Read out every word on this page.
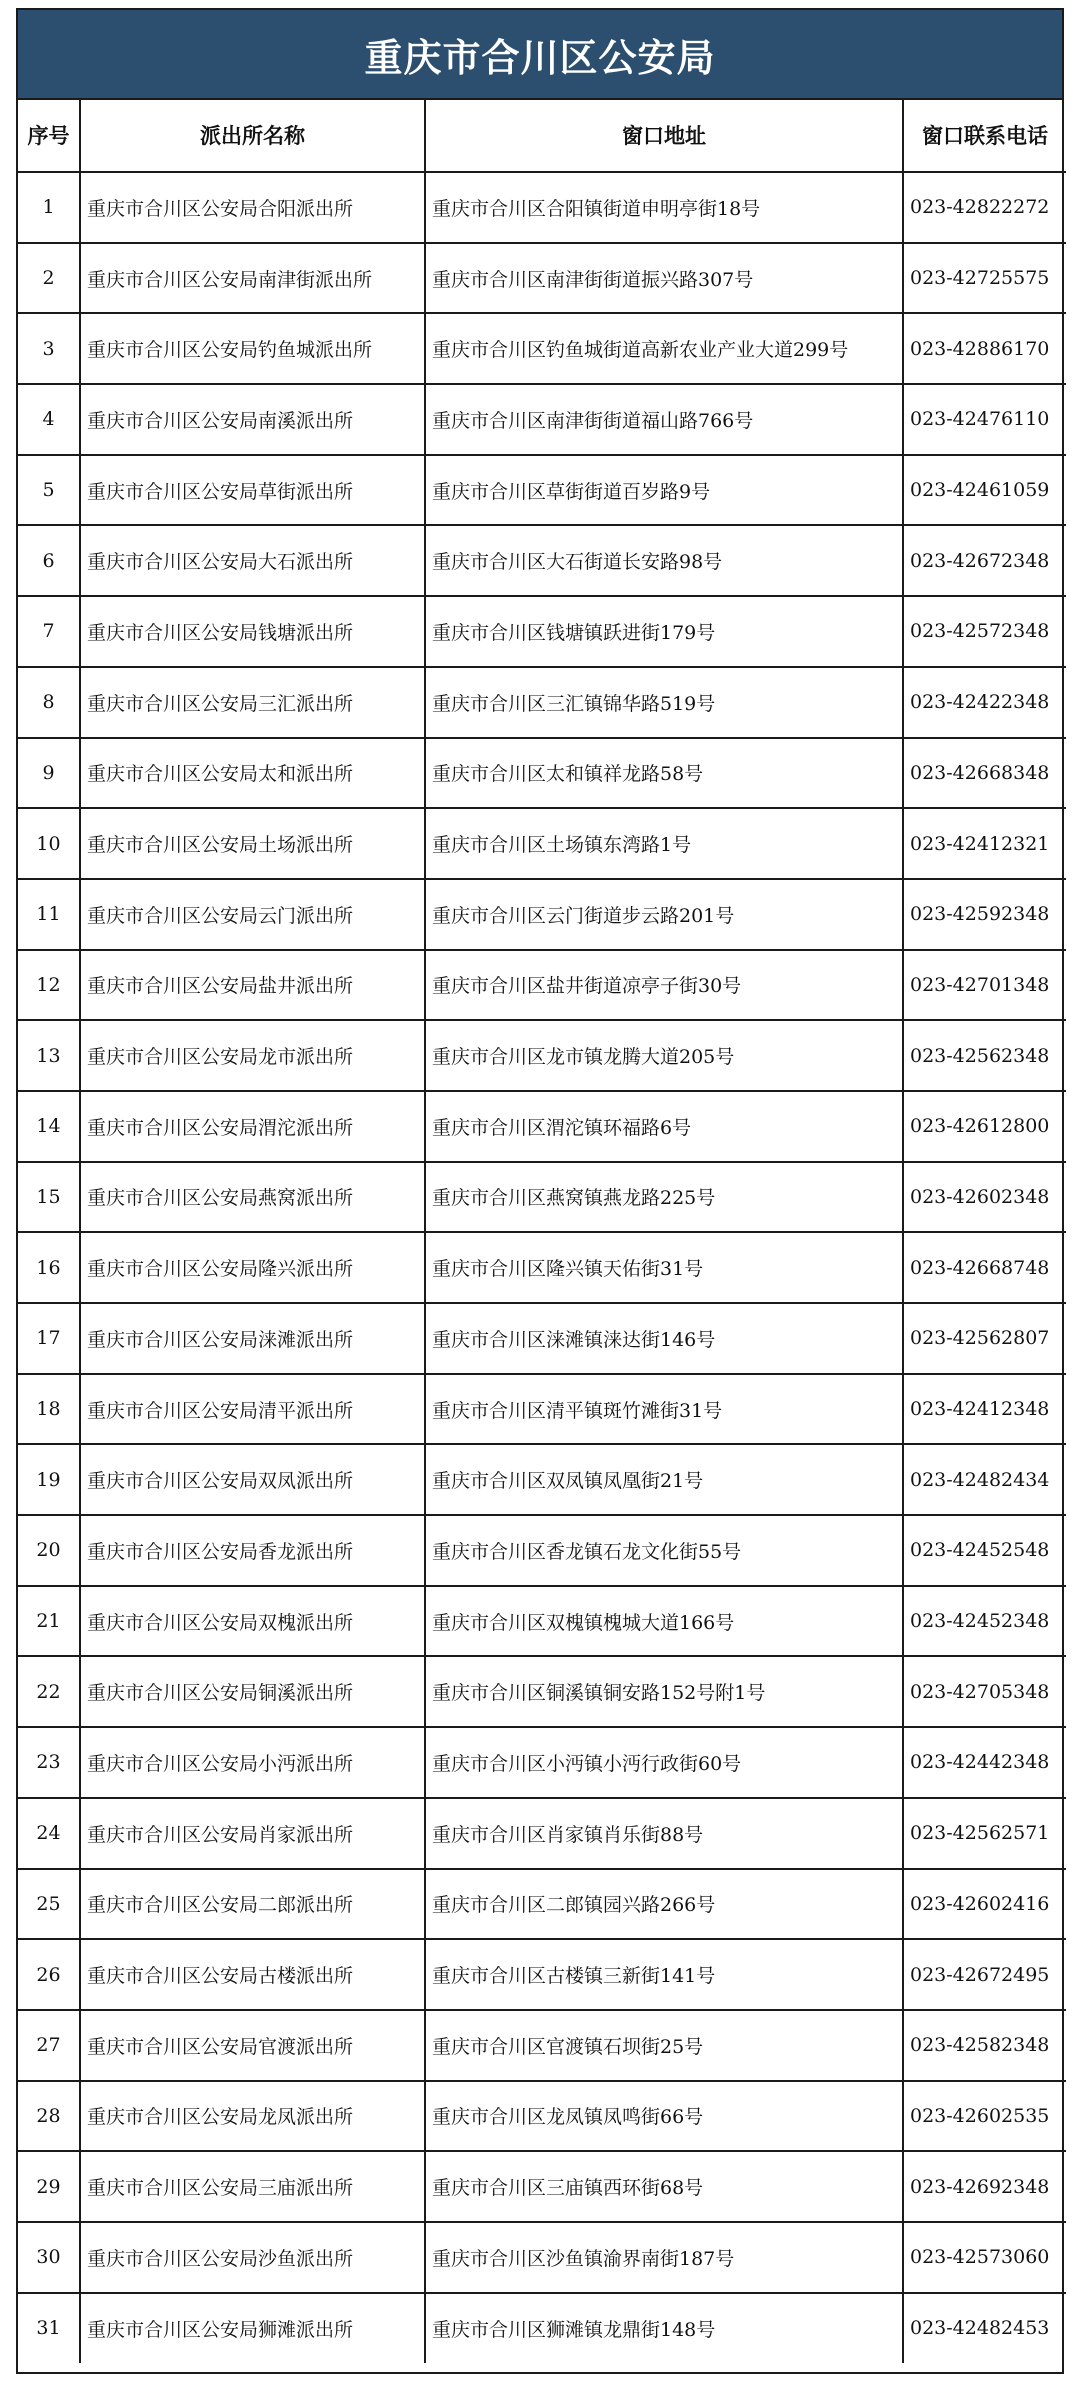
重庆市合川区公安局
序号	派出所名称	窗口地址	窗口联系电话
1	重庆市合川区公安局合阳派出所	重庆市合川区合阳镇街道申明亭街18号	023-42822272
2	重庆市合川区公安局南津街派出所	重庆市合川区南津街街道振兴路307号	023-42725575
3	重庆市合川区公安局钓鱼城派出所	重庆市合川区钓鱼城街道高新农业产业大道299号	023-42886170
4	重庆市合川区公安局南溪派出所	重庆市合川区南津街街道福山路766号	023-42476110
5	重庆市合川区公安局草街派出所	重庆市合川区草街街道百岁路9号	023-42461059
6	重庆市合川区公安局大石派出所	重庆市合川区大石街道长安路98号	023-42672348
7	重庆市合川区公安局钱塘派出所	重庆市合川区钱塘镇跃进街179号	023-42572348
8	重庆市合川区公安局三汇派出所	重庆市合川区三汇镇锦华路519号	023-42422348
9	重庆市合川区公安局太和派出所	重庆市合川区太和镇祥龙路58号	023-42668348
10	重庆市合川区公安局土场派出所	重庆市合川区土场镇东湾路1号	023-42412321
11	重庆市合川区公安局云门派出所	重庆市合川区云门街道步云路201号	023-42592348
12	重庆市合川区公安局盐井派出所	重庆市合川区盐井街道凉亭子街30号	023-42701348
13	重庆市合川区公安局龙市派出所	重庆市合川区龙市镇龙腾大道205号	023-42562348
14	重庆市合川区公安局渭沱派出所	重庆市合川区渭沱镇环福路6号	023-42612800
15	重庆市合川区公安局燕窝派出所	重庆市合川区燕窝镇燕龙路225号	023-42602348
16	重庆市合川区公安局隆兴派出所	重庆市合川区隆兴镇天佑街31号	023-42668748
17	重庆市合川区公安局涞滩派出所	重庆市合川区涞滩镇涞达街146号	023-42562807
18	重庆市合川区公安局清平派出所	重庆市合川区清平镇斑竹滩街31号	023-42412348
19	重庆市合川区公安局双凤派出所	重庆市合川区双凤镇凤凰街21号	023-42482434
20	重庆市合川区公安局香龙派出所	重庆市合川区香龙镇石龙文化街55号	023-42452548
21	重庆市合川区公安局双槐派出所	重庆市合川区双槐镇槐城大道166号	023-42452348
22	重庆市合川区公安局铜溪派出所	重庆市合川区铜溪镇铜安路152号附1号	023-42705348
23	重庆市合川区公安局小沔派出所	重庆市合川区小沔镇小沔行政街60号	023-42442348
24	重庆市合川区公安局肖家派出所	重庆市合川区肖家镇肖乐街88号	023-42562571
25	重庆市合川区公安局二郎派出所	重庆市合川区二郎镇园兴路266号	023-42602416
26	重庆市合川区公安局古楼派出所	重庆市合川区古楼镇三新街141号	023-42672495
27	重庆市合川区公安局官渡派出所	重庆市合川区官渡镇石坝街25号	023-42582348
28	重庆市合川区公安局龙凤派出所	重庆市合川区龙凤镇凤鸣街66号	023-42602535
29	重庆市合川区公安局三庙派出所	重庆市合川区三庙镇西环街68号	023-42692348
30	重庆市合川区公安局沙鱼派出所	重庆市合川区沙鱼镇渝界南街187号	023-42573060
31	重庆市合川区公安局狮滩派出所	重庆市合川区狮滩镇龙鼎街148号	023-42482453
